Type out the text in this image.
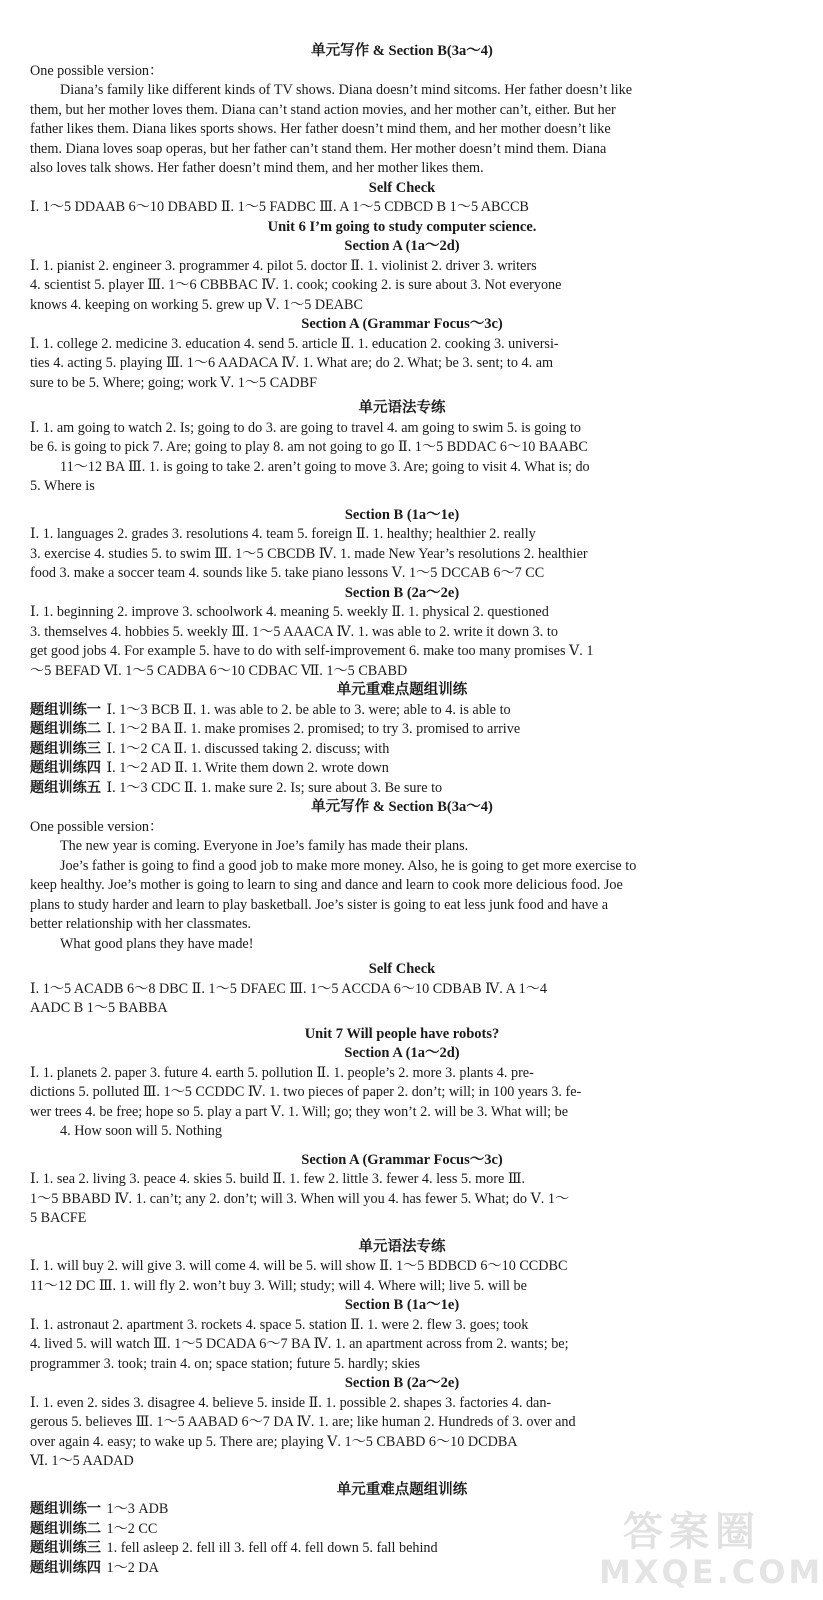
单元写作 & Section B(3a～4)
One possible version：
Diana’s family like different kinds of TV shows. Diana doesn’t mind sitcoms. Her father doesn’t like
them, but her mother loves them. Diana can’t stand action movies, and her mother can’t, either. But her
father likes them. Diana likes sports shows. Her father doesn’t mind them, and her mother doesn’t like
them. Diana loves soap operas, but her father can’t stand them. Her mother doesn’t mind them. Diana
also loves talk shows. Her father doesn’t mind them, and her mother likes them.
Self Check
Ⅰ. 1～5 DDAAB 6～10 DBABD Ⅱ. 1～5 FADBC Ⅲ. A 1～5 CDBCD B 1～5 ABCCB
Unit 6 I’m going to study computer science.
Section A (1a～2d)
Ⅰ. 1. pianist 2. engineer 3. programmer 4. pilot 5. doctor Ⅱ. 1. violinist 2. driver 3. writers
4. scientist 5. player Ⅲ. 1～6 CBBBAC Ⅳ. 1. cook; cooking 2. is sure about 3. Not everyone
knows 4. keeping on working 5. grew up Ⅴ. 1～5 DEABC
Section A (Grammar Focus～3c)
Ⅰ. 1. college 2. medicine 3. education 4. send 5. article Ⅱ. 1. education 2. cooking 3. universi-
ties 4. acting 5. playing Ⅲ. 1～6 AADACA Ⅳ. 1. What are; do 2. What; be 3. sent; to 4. am
sure to be 5. Where; going; work Ⅴ. 1～5 CADBF
单元语法专练
Ⅰ. 1. am going to watch 2. Is; going to do 3. are going to travel 4. am going to swim 5. is going to
be 6. is going to pick 7. Are; going to play 8. am not going to go Ⅱ. 1～5 BDDAC 6～10 BAABC
11～12 BA Ⅲ. 1. is going to take 2. aren’t going to move 3. Are; going to visit 4. What is; do
5. Where is
Section B (1a～1e)
Ⅰ. 1. languages 2. grades 3. resolutions 4. team 5. foreign Ⅱ. 1. healthy; healthier 2. really
3. exercise 4. studies 5. to swim Ⅲ. 1～5 CBCDB Ⅳ. 1. made New Year’s resolutions 2. healthier
food 3. make a soccer team 4. sounds like 5. take piano lessons Ⅴ. 1～5 DCCAB 6～7 CC
Section B (2a～2e)
Ⅰ. 1. beginning 2. improve 3. schoolwork 4. meaning 5. weekly Ⅱ. 1. physical 2. questioned
3. themselves 4. hobbies 5. weekly Ⅲ. 1～5 AAACA Ⅳ. 1. was able to 2. write it down 3. to
get good jobs 4. For example 5. have to do with self-improvement 6. make too many promises Ⅴ. 1
～5 BEFAD Ⅵ. 1～5 CADBA 6～10 CDBAC Ⅶ. 1～5 CBABD
单元重难点题组训练
题组训练一 Ⅰ. 1～3 BCB Ⅱ. 1. was able to 2. be able to 3. were; able to 4. is able to
题组训练二 Ⅰ. 1～2 BA Ⅱ. 1. make promises 2. promised; to try 3. promised to arrive
题组训练三 Ⅰ. 1～2 CA Ⅱ. 1. discussed taking 2. discuss; with
题组训练四 Ⅰ. 1～2 AD Ⅱ. 1. Write them down 2. wrote down
题组训练五 Ⅰ. 1～3 CDC Ⅱ. 1. make sure 2. Is; sure about 3. Be sure to
单元写作 & Section B(3a～4)
One possible version：
The new year is coming. Everyone in Joe’s family has made their plans.
Joe’s father is going to find a good job to make more money. Also, he is going to get more exercise to
keep healthy. Joe’s mother is going to learn to sing and dance and learn to cook more delicious food. Joe
plans to study harder and learn to play basketball. Joe’s sister is going to eat less junk food and have a
better relationship with her classmates.
What good plans they have made!
Self Check
Ⅰ. 1～5 ACADB 6～8 DBC Ⅱ. 1～5 DFAEC Ⅲ. 1～5 ACCDA 6～10 CDBAB Ⅳ. A 1～4
AADC B 1～5 BABBA
Unit 7 Will people have robots?
Section A (1a～2d)
Ⅰ. 1. planets 2. paper 3. future 4. earth 5. pollution Ⅱ. 1. people’s 2. more 3. plants 4. pre-
dictions 5. polluted Ⅲ. 1～5 CCDDC Ⅳ. 1. two pieces of paper 2. don’t; will; in 100 years 3. fe-
wer trees 4. be free; hope so 5. play a part Ⅴ. 1. Will; go; they won’t 2. will be 3. What will; be
4. How soon will 5. Nothing
Section A (Grammar Focus～3c)
Ⅰ. 1. sea 2. living 3. peace 4. skies 5. build Ⅱ. 1. few 2. little 3. fewer 4. less 5. more Ⅲ.
1～5 BBABD Ⅳ. 1. can’t; any 2. don’t; will 3. When will you 4. has fewer 5. What; do Ⅴ. 1～
5 BACFE
单元语法专练
Ⅰ. 1. will buy 2. will give 3. will come 4. will be 5. will show Ⅱ. 1～5 BDBCD 6～10 CCDBC
11～12 DC Ⅲ. 1. will fly 2. won’t buy 3. Will; study; will 4. Where will; live 5. will be
Section B (1a～1e)
Ⅰ. 1. astronaut 2. apartment 3. rockets 4. space 5. station Ⅱ. 1. were 2. flew 3. goes; took
4. lived 5. will watch Ⅲ. 1～5 DCADA 6～7 BA Ⅳ. 1. an apartment across from 2. wants; be;
programmer 3. took; train 4. on; space station; future 5. hardly; skies
Section B (2a～2e)
Ⅰ. 1. even 2. sides 3. disagree 4. believe 5. inside Ⅱ. 1. possible 2. shapes 3. factories 4. dan-
gerous 5. believes Ⅲ. 1～5 AABAD 6～7 DA Ⅳ. 1. are; like human 2. Hundreds of 3. over and
over again 4. easy; to wake up 5. There are; playing Ⅴ. 1～5 CBABD 6～10 DCDBA
Ⅵ. 1～5 AADAD
单元重难点题组训练
题组训练一 1～3 ADB
题组训练二 1～2 CC
题组训练三 1. fell asleep 2. fell ill 3. fell off 4. fell down 5. fall behind
题组训练四 1～2 DA
答案圈
MXQE.COM
